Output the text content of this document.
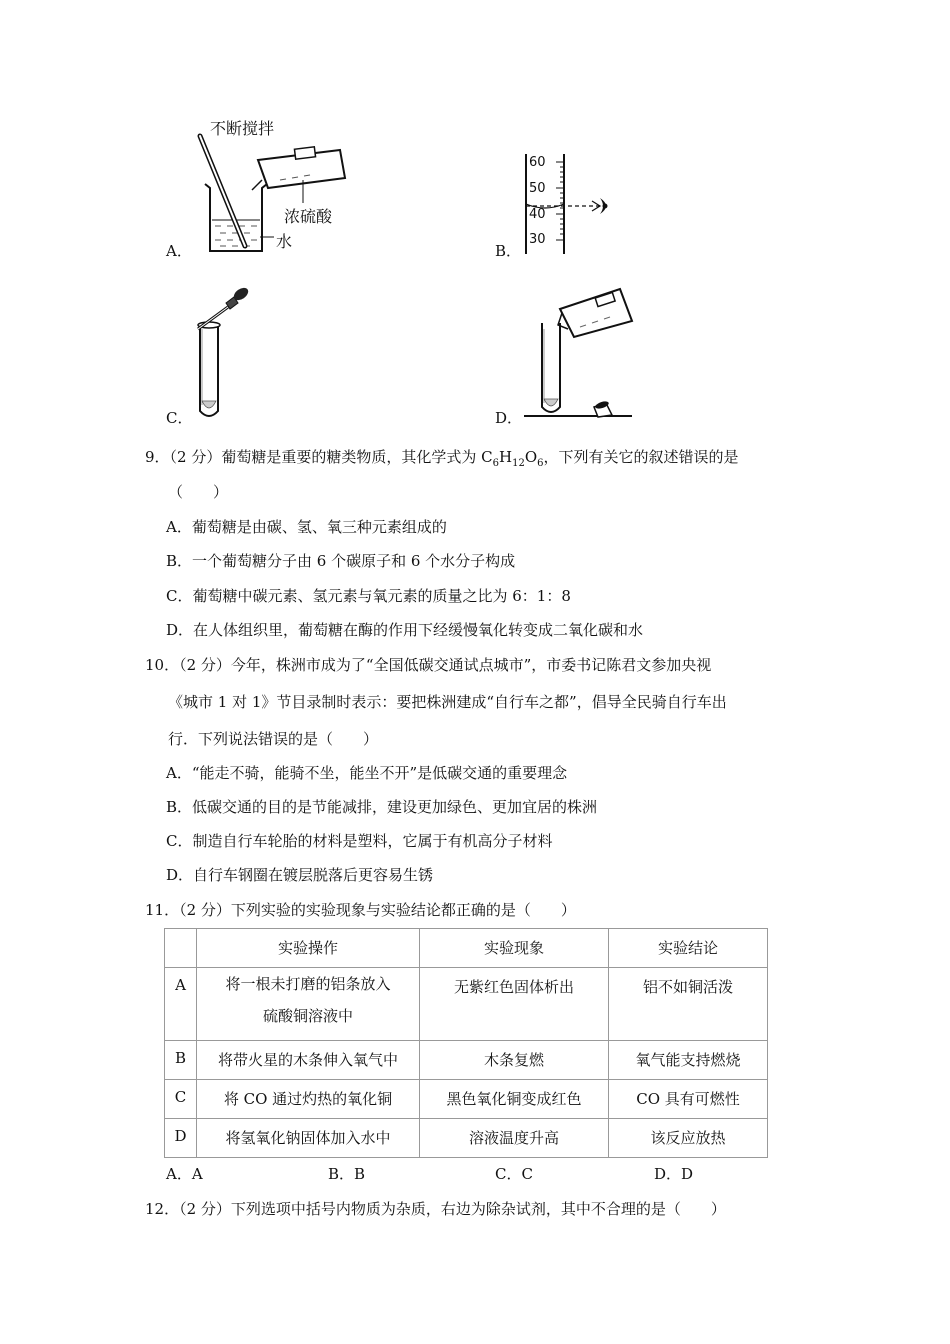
不断搅拌
浓硫酸
水
A．
60
50
40
30
B．
C．	D．
9．（2 分）葡萄糖是重要的糖类物质，其化学式为 $C_6H_{12}O_6$，下列有关它的叙述错误的是
（　　）
A．葡萄糖是由碳、氢、氧三种元素组成的
B．一个葡萄糖分子由 6 个碳原子和 6 个水分子构成
C．葡萄糖中碳元素、氢元素与氧元素的质量之比为 6：1：8
D．在人体组织里，葡萄糖在酶的作用下经缓慢氧化转变成二氧化碳和水
10．（2 分）今年，株洲市成为了“全国低碳交通试点城市”，市委书记陈君文参加央视
《城市 1 对 1》节目录制时表示：要把株洲建成“自行车之都”，倡导全民骑自行车出
行．下列说法错误的是（　　）
A．“能走不骑，能骑不坐，能坐不开”是低碳交通的重要理念
B．低碳交通的目的是节能减排，建设更加绿色、更加宜居的株洲
C．制造自行车轮胎的材料是塑料，它属于有机高分子材料
D．自行车钢圈在镀层脱落后更容易生锈
11．（2 分）下列实验的实验现象与实验结论都正确的是（　　）
	实验操作	实验现象	实验结论
A	将一根未打磨的铝条放入
硫酸铜溶液中	无紫红色固体析出	铝不如铜活泼
B	将带火星的木条伸入氧气中	木条复燃	氧气能支持燃烧
C	将 CO 通过灼热的氧化铜	黑色氧化铜变成红色	CO 具有可燃性
D	将氢氧化钠固体加入水中	溶液温度升高	该反应放热
A．A	B．B	C．C	D．D
12．（2 分）下列选项中括号内物质为杂质，右边为除杂试剂，其中不合理的是（　　）
